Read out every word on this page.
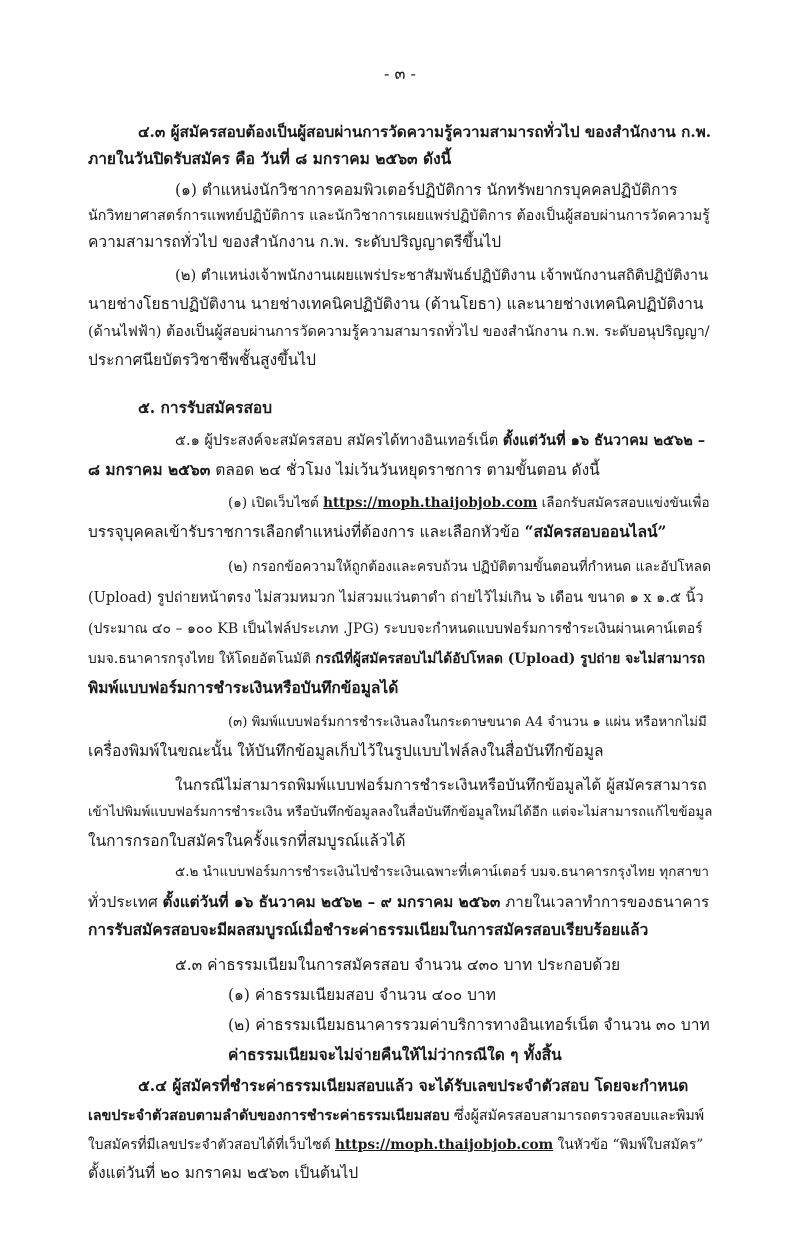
- ๓ -
๔.๓ ผู้สมัครสอบต้องเป็นผู้สอบผ่านการวัดความรู้ความสามารถทั่วไป ของสำนักงาน ก.พ.
ภายในวันปิดรับสมัคร คือ วันที่ ๘ มกราคม ๒๕๖๓ ดังนี้
(๑) ตำแหน่งนักวิชาการคอมพิวเตอร์ปฏิบัติการ นักทรัพยากรบุคคลปฏิบัติการ
นักวิทยาศาสตร์การแพทย์ปฏิบัติการ และนักวิชาการเผยแพร่ปฏิบัติการ ต้องเป็นผู้สอบผ่านการวัดความรู้
ความสามารถทั่วไป ของสำนักงาน ก.พ. ระดับปริญญาตรีขึ้นไป
(๒) ตำแหน่งเจ้าพนักงานเผยแพร่ประชาสัมพันธ์ปฏิบัติงาน เจ้าพนักงานสถิติปฏิบัติงาน
นายช่างโยธาปฏิบัติงาน นายช่างเทคนิคปฏิบัติงาน (ด้านโยธา) และนายช่างเทคนิคปฏิบัติงาน
(ด้านไฟฟ้า) ต้องเป็นผู้สอบผ่านการวัดความรู้ความสามารถทั่วไป ของสำนักงาน ก.พ. ระดับอนุปริญญา/
ประกาศนียบัตรวิชาชีพชั้นสูงขึ้นไป
๕. การรับสมัครสอบ
๕.๑ ผู้ประสงค์จะสมัครสอบ สมัครได้ทางอินเทอร์เน็ต ตั้งแต่วันที่ ๑๖ ธันวาคม ๒๕๖๒ –
๘ มกราคม ๒๕๖๓ ตลอด ๒๔ ชั่วโมง ไม่เว้นวันหยุดราชการ ตามขั้นตอน ดังนี้
(๑) เปิดเว็บไซต์ https://moph.thaijobjob.com เลือกรับสมัครสอบแข่งขันเพื่อ
บรรจุบุคคลเข้ารับราชการเลือกตำแหน่งที่ต้องการ และเลือกหัวข้อ “สมัครสอบออนไลน์”
(๒) กรอกข้อความให้ถูกต้องและครบถ้วน ปฏิบัติตามขั้นตอนที่กำหนด และอัปโหลด
(Upload) รูปถ่ายหน้าตรง ไม่สวมหมวก ไม่สวมแว่นตาดำ ถ่ายไว้ไม่เกิน ๖ เดือน ขนาด ๑ x ๑.๕ นิ้ว
(ประมาณ ๔๐ – ๑๐๐ KB เป็นไฟล์ประเภท .JPG) ระบบจะกำหนดแบบฟอร์มการชำระเงินผ่านเคาน์เตอร์
บมจ.ธนาคารกรุงไทย ให้โดยอัตโนมัติ กรณีที่ผู้สมัครสอบไม่ได้อัปโหลด (Upload) รูปถ่าย จะไม่สามารถ
พิมพ์แบบฟอร์มการชำระเงินหรือบันทึกข้อมูลได้
(๓) พิมพ์แบบฟอร์มการชำระเงินลงในกระดาษขนาด A4 จำนวน ๑ แผ่น หรือหากไม่มี
เครื่องพิมพ์ในขณะนั้น ให้บันทึกข้อมูลเก็บไว้ในรูปแบบไฟล์ลงในสื่อบันทึกข้อมูล
ในกรณีไม่สามารถพิมพ์แบบฟอร์มการชำระเงินหรือบันทึกข้อมูลได้ ผู้สมัครสามารถ
เข้าไปพิมพ์แบบฟอร์มการชำระเงิน หรือบันทึกข้อมูลลงในสื่อบันทึกข้อมูลใหม่ได้อีก แต่จะไม่สามารถแก้ไขข้อมูล
ในการกรอกใบสมัครในครั้งแรกที่สมบูรณ์แล้วได้
๕.๒ นำแบบฟอร์มการชำระเงินไปชำระเงินเฉพาะที่เคาน์เตอร์ บมจ.ธนาคารกรุงไทย ทุกสาขา
ทั่วประเทศ ตั้งแต่วันที่ ๑๖ ธันวาคม ๒๕๖๒ – ๙ มกราคม ๒๕๖๓ ภายในเวลาทำการของธนาคาร
การรับสมัครสอบจะมีผลสมบูรณ์เมื่อชำระค่าธรรมเนียมในการสมัครสอบเรียบร้อยแล้ว
๕.๓ ค่าธรรมเนียมในการสมัครสอบ จำนวน ๔๓๐ บาท ประกอบด้วย
(๑) ค่าธรรมเนียมสอบ จำนวน ๔๐๐ บาท
(๒) ค่าธรรมเนียมธนาคารรวมค่าบริการทางอินเทอร์เน็ต จำนวน ๓๐ บาท
ค่าธรรมเนียมจะไม่จ่ายคืนให้ไม่ว่ากรณีใด ๆ ทั้งสิ้น
๕.๔ ผู้สมัครที่ชำระค่าธรรมเนียมสอบแล้ว จะได้รับเลขประจำตัวสอบ โดยจะกำหนด
เลขประจำตัวสอบตามลำดับของการชำระค่าธรรมเนียมสอบ ซึ่งผู้สมัครสอบสามารถตรวจสอบและพิมพ์
ใบสมัครที่มีเลขประจำตัวสอบได้ที่เว็บไซต์ https://moph.thaijobjob.com ในหัวข้อ “พิมพ์ใบสมัคร”
ตั้งแต่วันที่ ๒๐ มกราคม ๒๕๖๓ เป็นต้นไป
